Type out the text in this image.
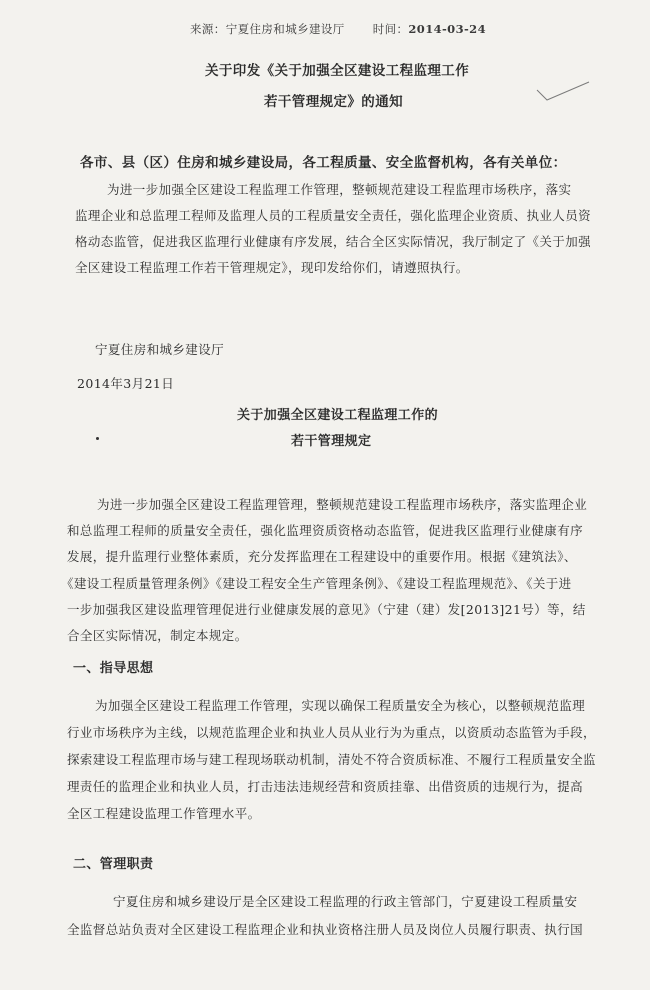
来源：宁夏住房和城乡建设厅 时间：2014-03-24
关于印发《关于加强全区建设工程监理工作
若干管理规定》的通知
各市、县（区）住房和城乡建设局，各工程质量、安全监督机构，各有关单位：
为进一步加强全区建设工程监理工作管理，整顿规范建设工程监理市场秩序，落实
监理企业和总监理工程师及监理人员的工程质量安全责任，强化监理企业资质、执业人员资
格动态监管，促进我区监理行业健康有序发展，结合全区实际情况，我厅制定了《关于加强
全区建设工程监理工作若干管理规定》，现印发给你们，请遵照执行。
宁夏住房和城乡建设厅
2014年3月21日
关于加强全区建设工程监理工作的
若干管理规定
为进一步加强全区建设工程监理管理，整顿规范建设工程监理市场秩序，落实监理企业
和总监理工程师的质量安全责任，强化监理资质资格动态监管，促进我区监理行业健康有序
发展，提升监理行业整体素质，充分发挥监理在工程建设中的重要作用。根据《建筑法》、
《建设工程质量管理条例》《建设工程安全生产管理条例》、《建设工程监理规范》、《关于进
一步加强我区建设监理管理促进行业健康发展的意见》（宁建（建）发[2013]21号）等，结
合全区实际情况，制定本规定。
一、指导思想
为加强全区建设工程监理工作管理，实现以确保工程质量安全为核心，以整顿规范监理
行业市场秩序为主线，以规范监理企业和执业人员从业行为为重点，以资质动态监管为手段，
探索建设工程监理市场与建工程现场联动机制，清处不符合资质标准、不履行工程质量安全监
理责任的监理企业和执业人员，打击违法违规经营和资质挂靠、出借资质的违规行为，提高
全区工程建设监理工作管理水平。
二、管理职责
宁夏住房和城乡建设厅是全区建设工程监理的行政主管部门，宁夏建设工程质量安
全监督总站负责对全区建设工程监理企业和执业资格注册人员及岗位人员履行职责、执行国
